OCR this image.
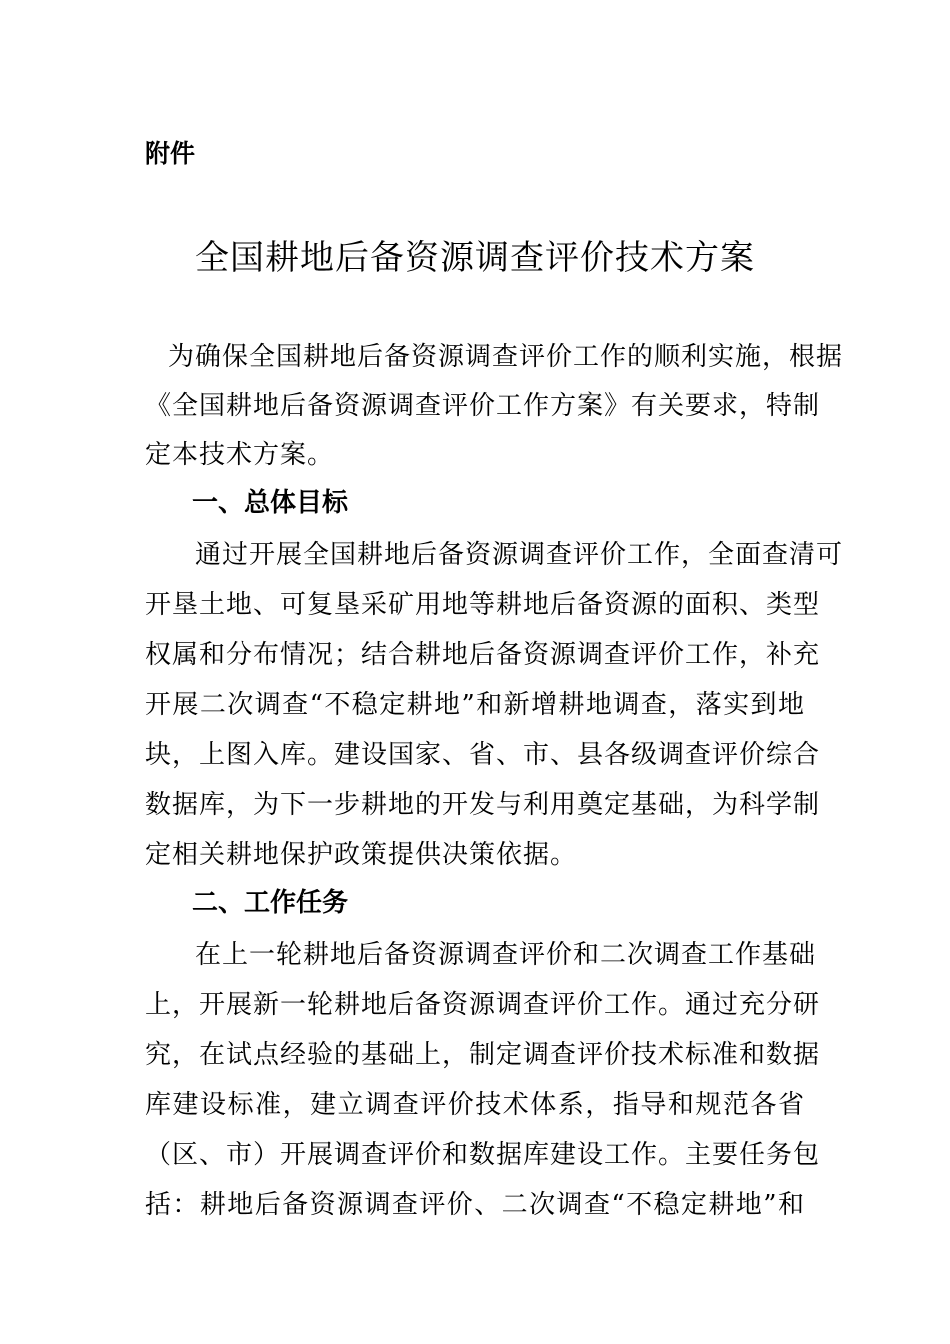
附件
全国耕地后备资源调查评价技术方案
为确保全国耕地后备资源调查评价工作的顺利实施，根据
《全国耕地后备资源调查评价工作方案》有关要求，特制
定本技术方案。
一、总体目标
通过开展全国耕地后备资源调查评价工作，全面查清可
开垦土地、可复垦采矿用地等耕地后备资源的面积、类型
权属和分布情况；结合耕地后备资源调查评价工作，补充
开展二次调查“不稳定耕地”和新增耕地调查，落实到地
块，上图入库。建设国家、省、市、县各级调查评价综合
数据库，为下一步耕地的开发与利用奠定基础，为科学制
定相关耕地保护政策提供决策依据。
二、工作任务
在上一轮耕地后备资源调查评价和二次调查工作基础
上，开展新一轮耕地后备资源调查评价工作。通过充分研
究，在试点经验的基础上，制定调查评价技术标准和数据
库建设标准，建立调查评价技术体系，指导和规范各省
（区、市）开展调查评价和数据库建设工作。主要任务包
括：耕地后备资源调查评价、二次调查“不稳定耕地”和
